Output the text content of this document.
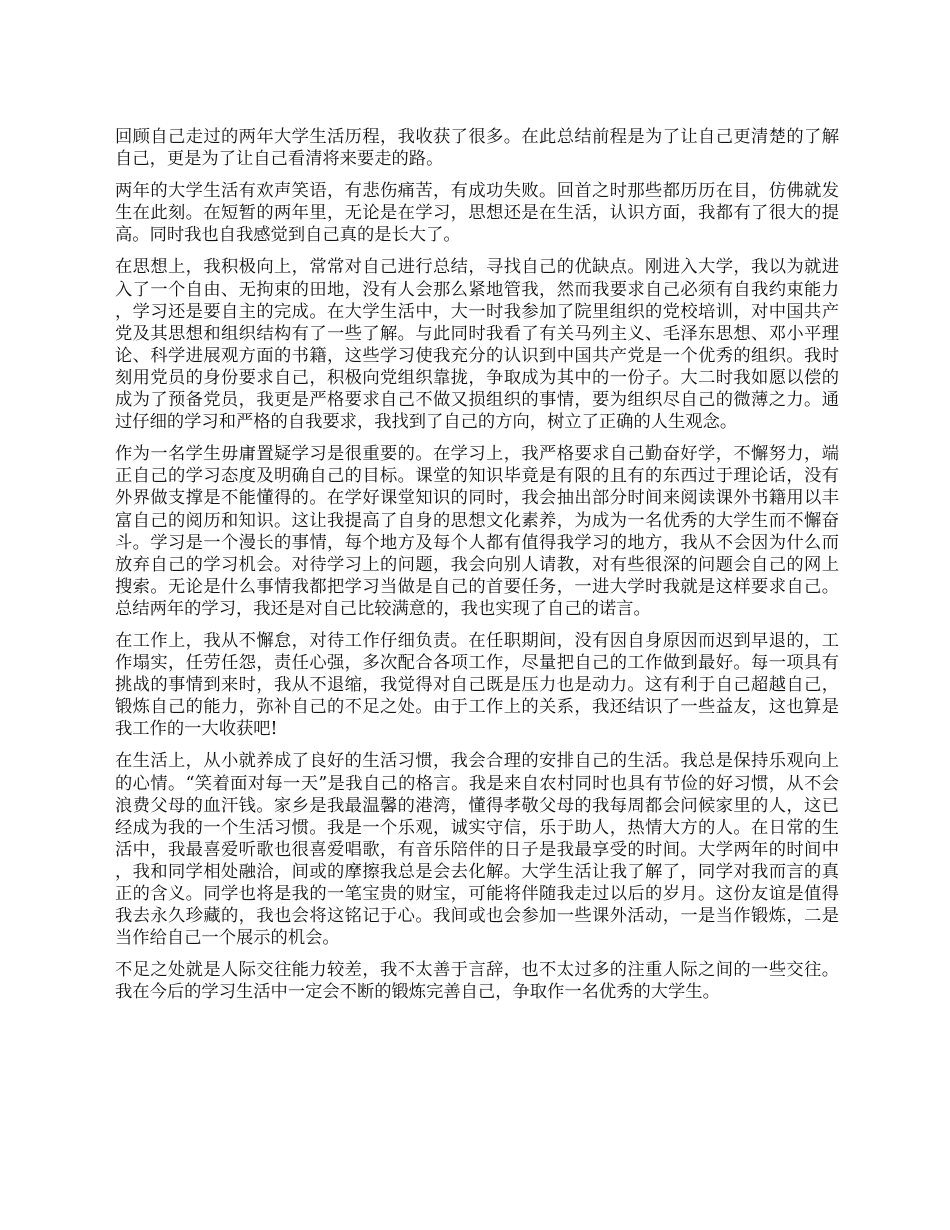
回顾自己走过的两年大学生活历程，我收获了很多。在此总结前程是为了让自己更清楚的了解自己，更是为了让自己看清将来要走的路。

两年的大学生活有欢声笑语，有悲伤痛苦，有成功失败。回首之时那些都历历在目，仿佛就发生在此刻。在短暂的两年里，无论是在学习，思想还是在生活，认识方面，我都有了很大的提高。同时我也自我感觉到自己真的是长大了。

在思想上，我积极向上，常常对自己进行总结，寻找自己的优缺点。刚进入大学，我以为就进入了一个自由、无拘束的田地，没有人会那么紧地管我，然而我要求自己必须有自我约束能力，学习还是要自主的完成。在大学生活中，大一时我参加了院里组织的党校培训，对中国共产党及其思想和组织结构有了一些了解。与此同时我看了有关马列主义、毛泽东思想、邓小平理论、科学进展观方面的书籍，这些学习使我充分的认识到中国共产党是一个优秀的组织。我时刻用党员的身份要求自己，积极向党组织靠拢，争取成为其中的一份子。大二时我如愿以偿的成为了预备党员，我更是严格要求自己不做又损组织的事情，要为组织尽自己的微薄之力。通过仔细的学习和严格的自我要求，我找到了自己的方向，树立了正确的人生观念。

作为一名学生毋庸置疑学习是很重要的。在学习上，我严格要求自己勤奋好学，不懈努力，端正自己的学习态度及明确自己的目标。课堂的知识毕竟是有限的且有的东西过于理论话，没有外界做支撑是不能懂得的。在学好课堂知识的同时，我会抽出部分时间来阅读课外书籍用以丰富自己的阅历和知识。这让我提高了自身的思想文化素养，为成为一名优秀的大学生而不懈奋斗。学习是一个漫长的事情，每个地方及每个人都有值得我学习的地方，我从不会因为什么而放弃自己的学习机会。对待学习上的问题，我会向别人请教，对有些很深的问题会自己的网上搜索。无论是什么事情我都把学习当做是自己的首要任务，一进大学时我就是这样要求自己。总结两年的学习，我还是对自己比较满意的，我也实现了自己的诺言。

在工作上，我从不懈怠，对待工作仔细负责。在任职期间，没有因自身原因而迟到早退的，工作塌实，任劳任怨，责任心强，多次配合各项工作，尽量把自己的工作做到最好。每一项具有挑战的事情到来时，我从不退缩，我觉得对自己既是压力也是动力。这有利于自己超越自己，锻炼自己的能力，弥补自己的不足之处。由于工作上的关系，我还结识了一些益友，这也算是我工作的一大收获吧!

在生活上，从小就养成了良好的生活习惯，我会合理的安排自己的生活。我总是保持乐观向上的心情。“笑着面对每一天”是我自己的格言。我是来自农村同时也具有节俭的好习惯，从不会浪费父母的血汗钱。家乡是我最温馨的港湾，懂得孝敬父母的我每周都会问候家里的人，这已经成为我的一个生活习惯。我是一个乐观，诚实守信，乐于助人，热情大方的人。在日常的生活中，我最喜爱听歌也很喜爱唱歌，有音乐陪伴的日子是我最享受的时间。大学两年的时间中，我和同学相处融洽，间或的摩擦我总是会去化解。大学生活让我了解了，同学对我而言的真正的含义。同学也将是我的一笔宝贵的财宝，可能将伴随我走过以后的岁月。这份友谊是值得我去永久珍藏的，我也会将这铭记于心。我间或也会参加一些课外活动，一是当作锻炼，二是当作给自己一个展示的机会。

不足之处就是人际交往能力较差，我不太善于言辞，也不太过多的注重人际之间的一些交往。我在今后的学习生活中一定会不断的锻炼完善自己，争取作一名优秀的大学生。
